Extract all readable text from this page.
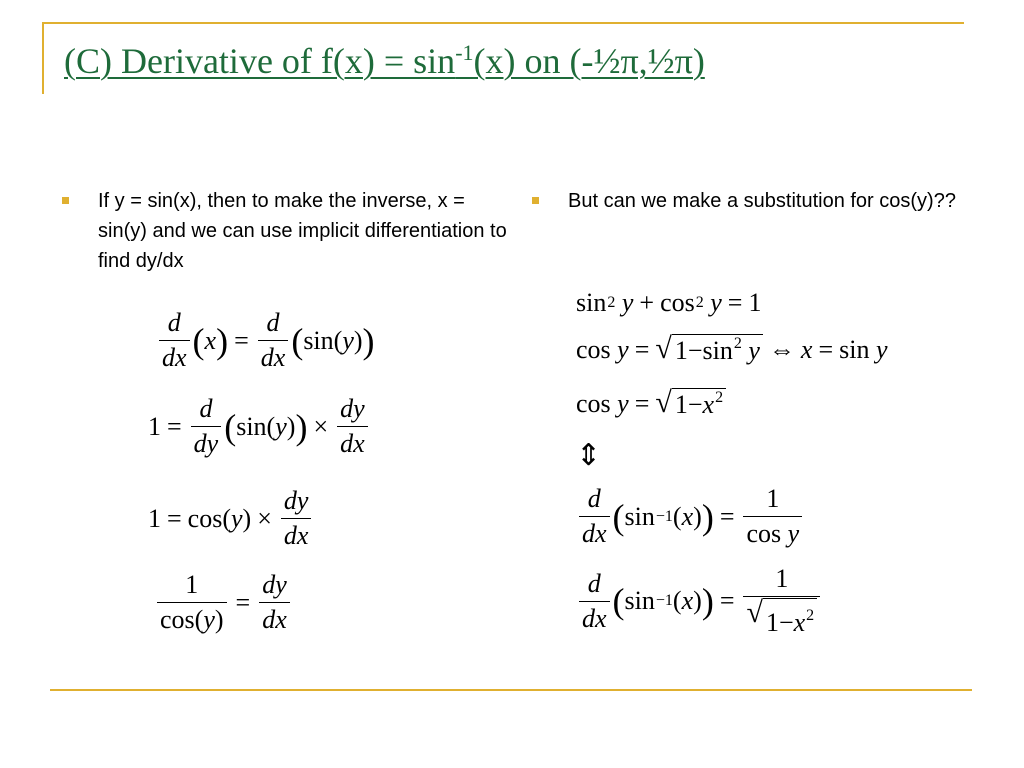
(C) Derivative of $f(x) = \sin^{-1}(x)$ on (-½π,½π)
If y = sin(x), then to make the inverse, x = sin(y) and we can use implicit differentiation to find dy/dx
But can we make a substitution for cos(y)??
$\frac{d}{dx}$ ( x ) = $\frac{d}{dx}$ ( sin( y ) )
$1 = \frac{d}{dy}$ ( sin( y ) ) × $\frac{dy}{dx}$
1 = cos( y ) × $\frac{dy}{dx}$
$\frac{1}{\cos(y)} = \frac{dy}{dx}$
sin 2
y + cos 2
y = 1
cos y = √ $1-\sin^2$ y ⇔ x = sin y
cos y = √ $1-x^2$
⇕
$\frac{d}{dx}$ ( sin −1 ( x ) ) = $\frac{1}{\text{cos y}}$
$\frac{d}{dx}$ ( sin −1 ( x ) ) = $\frac{1}{√ 1-x^2}$
